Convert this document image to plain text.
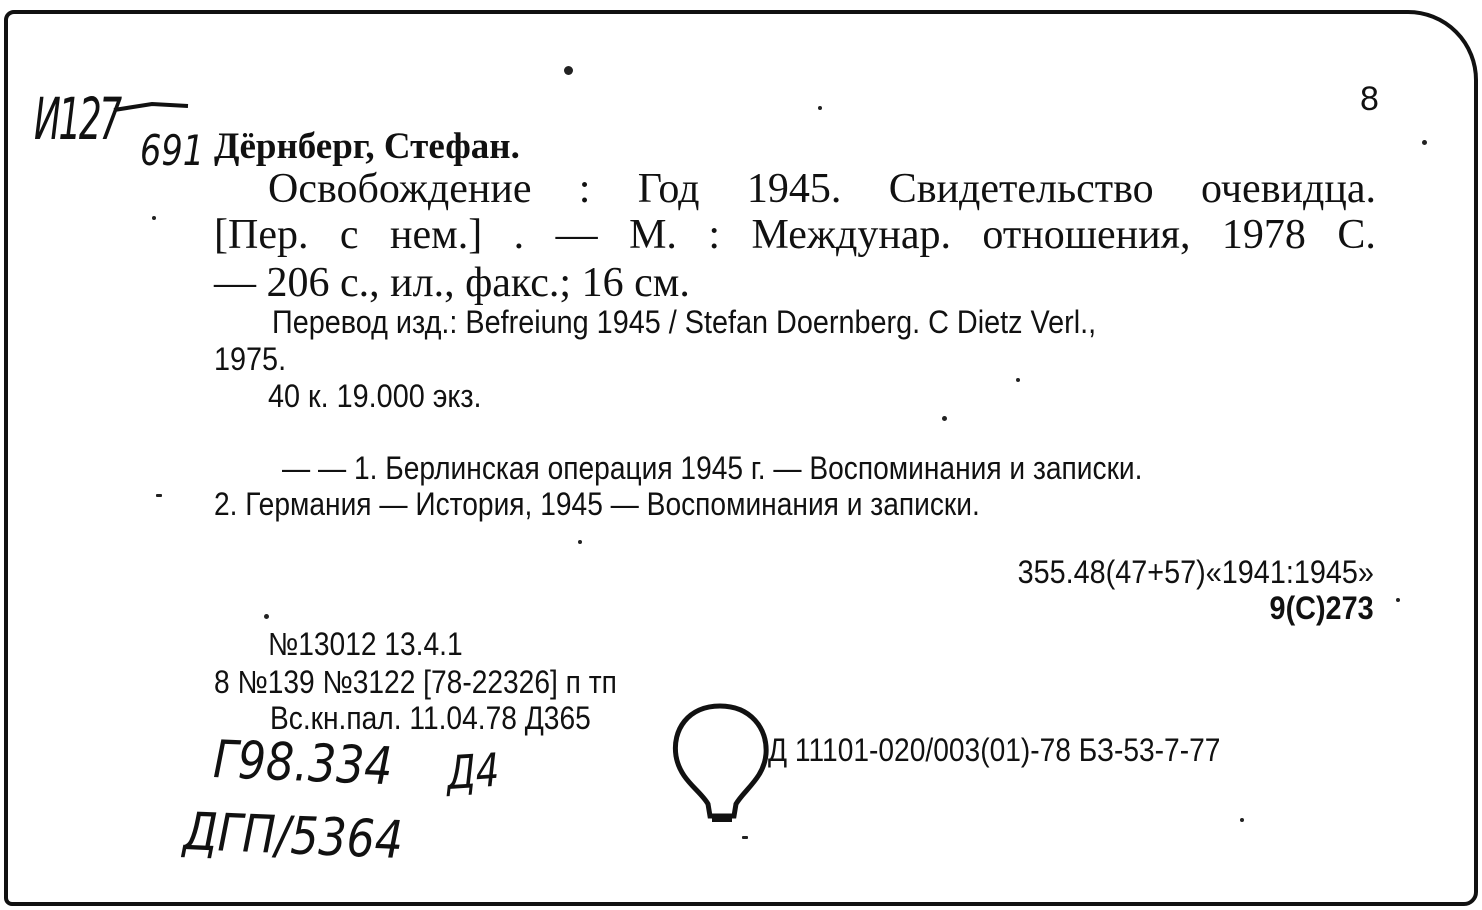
И127 691
8
Дёрнберг, Стефан.
Освобождение : Год 1945. Свидетельство очевидца.
[Пер. с нем.] . — М. : Междунар. отношения, 1978 С.
— 206 с., ил., факс.; 16 см.
Перевод изд.: Befreiung 1945 / Stefan Doernberg. С Dietz Verl.,
1975.
40 к. 19.000 экз.
— — 1. Берлинская операция 1945 г. — Воспоминания и записки.
2. Германия — История, 1945 — Воспоминания и записки.
355.48(47+57)«1941:1945»
9(С)273
№13012 13.4.1
8 №139 №3122 [78-22326] п тп
Вс.кн.пал. 11.04.78 Д365
Д 11101-020/003(01)-78 БЗ-53-7-77
Г98.334 Д4
ДГП/5364
